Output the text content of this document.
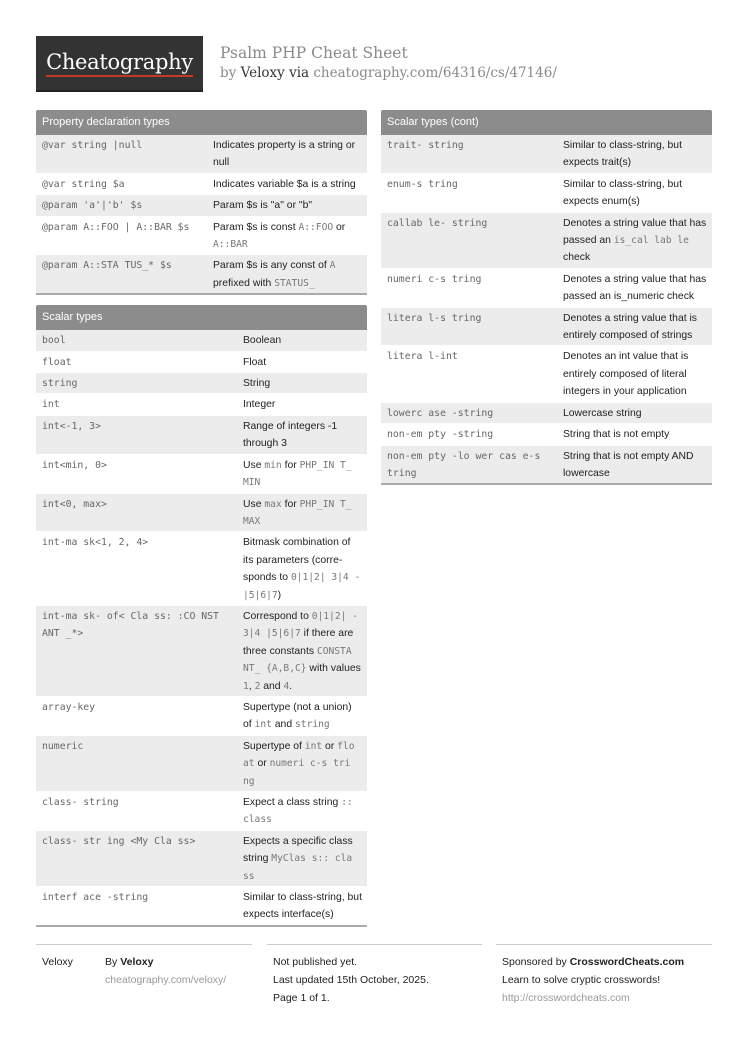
Cheatography Psalm PHP Cheat Sheet
by Veloxy via cheatography.com/64316/cs/47146/
Property declaration types
@var string |null	Indicates property is a string or null
@var string $a	Indicates variable $a is a string
@param 'a'|'b' $s	Param $s is "a" or "b"
@param A::FOO | A::BAR $s	Param $s is const A::FOO or A::BAR
@param A::STA TUS_* $s	Param $s is any const of A prefixed with STATUS_
Scalar types
bool	Boolean
float	Float
string	String
int	Integer
int<-1, 3>	Range of integers -1 through 3
int<min, 0>	Use min for PHP_IN T_ MIN
int<0, max>	Use max for PHP_IN T_ MAX
int-ma sk<1, 2, 4>	Bitmask combination of its parameters (corresponds to 0|1|2| 3|4 - |5|6|7)
int-ma sk- of< Cla ss: :CO NST ANT _*>	Correspond to 0|1|2| - 3|4 |5|6|7 if there are three constants CONSTA NT_ {A,B,C} with values 1, 2 and 4.
array-key	Supertype (not a union) of int and string
numeric	Supertype of int or flo at or numeri c-s tri ng
class- string	Expect a class string :: class
class- str ing <My Cla ss>	Expects a specific class string MyClas s:: cla ss
interf ace -string	Similar to class-string, but expects interface(s)
Scalar types (cont)
trait- string	Similar to class-string, but expects trait(s)
enum-s tring	Similar to class-string, but expects enum(s)
callab le- string	Denotes a string value that has passed an is_cal lab le check
numeri c-s tring	Denotes a string value that has passed an is_numeric check
litera l-s tring	Denotes a string value that is entirely composed of strings
litera l-int	Denotes an int value that is entirely composed of literal integers in your application
lowerc ase -string	Lowercase string
non-em pty -string	String that is not empty
non-em pty -lo wer cas e-s tring	String that is not empty AND lowercase
Veloxy	By Veloxy
cheatography.com/veloxy/
Not published yet.
Last updated 15th October, 2025.
Page 1 of 1.
Sponsored by CrosswordCheats.com
Learn to solve cryptic crosswords!
http://crosswordcheats.com
